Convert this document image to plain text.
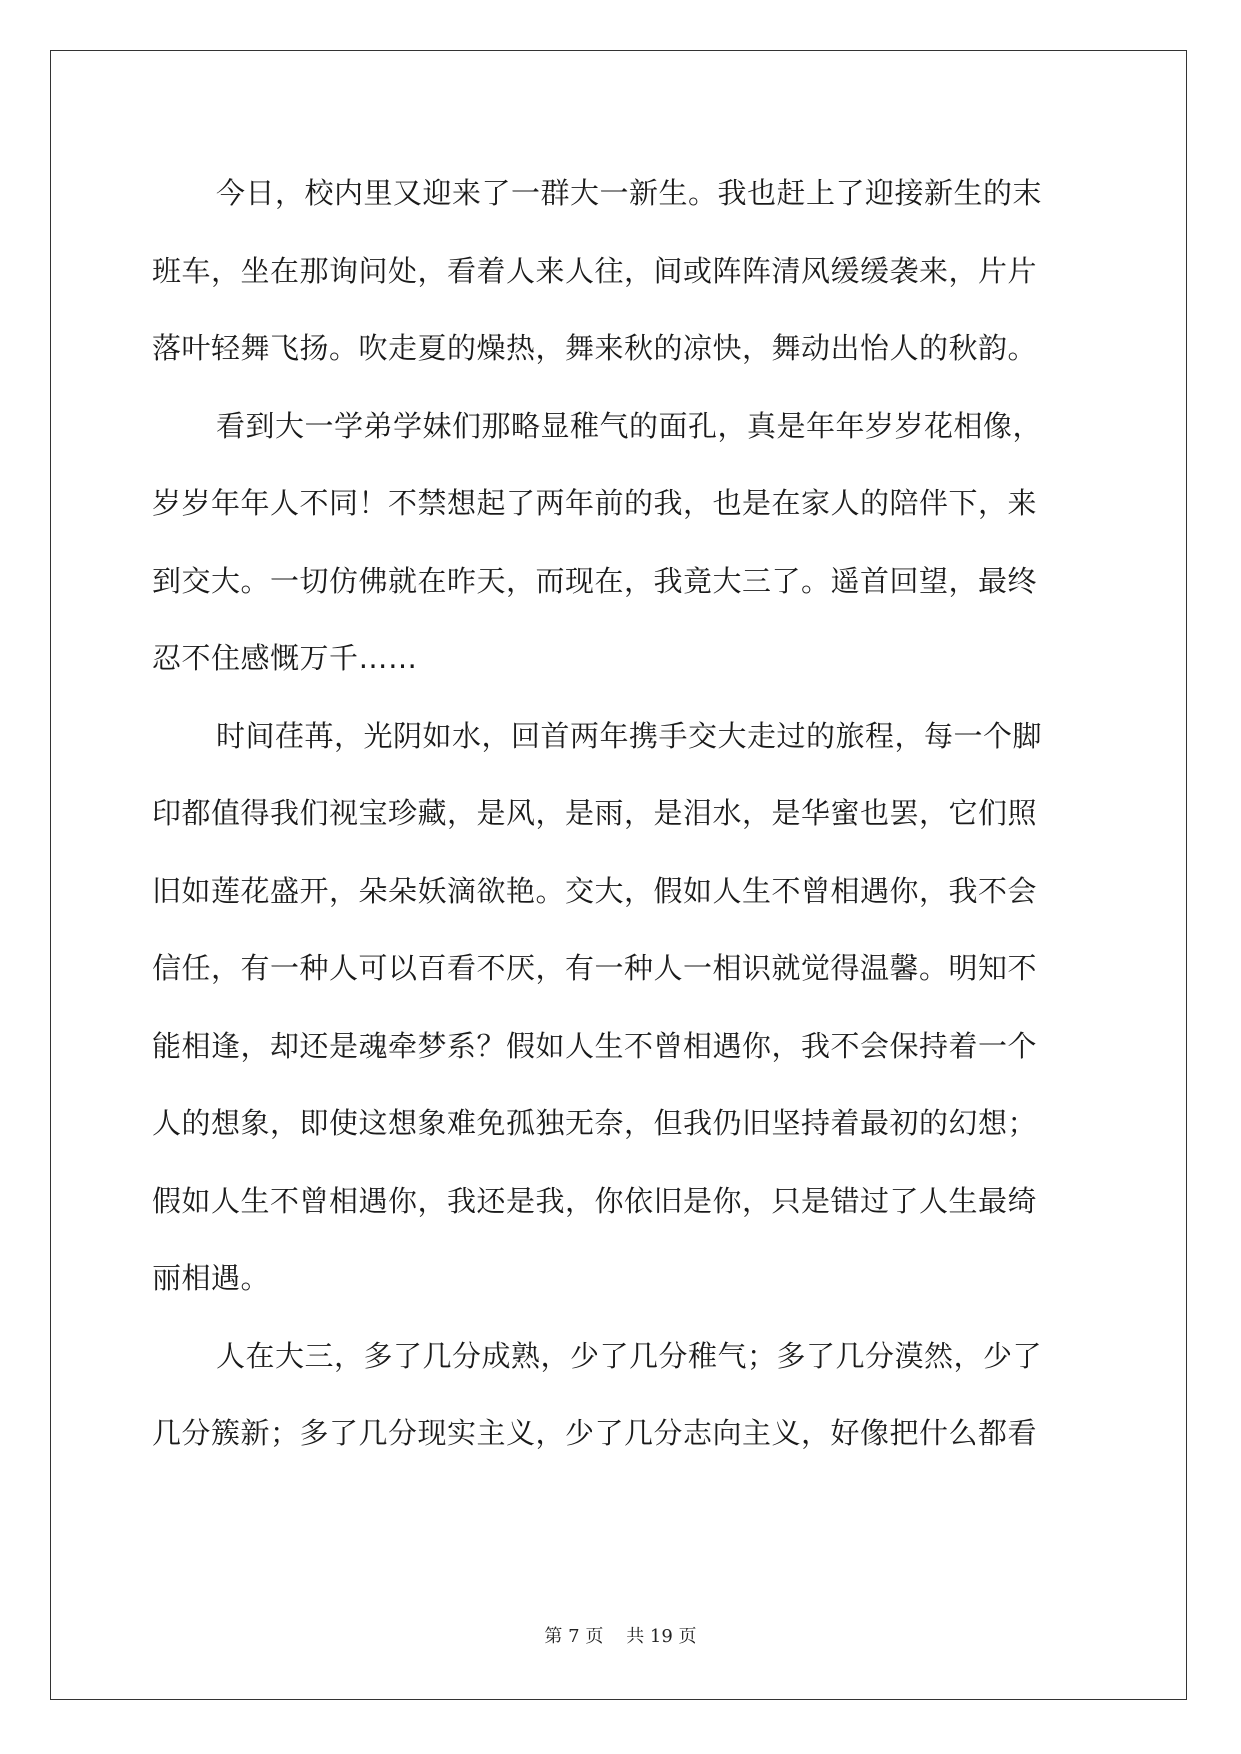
今日，校内里又迎来了一群大一新生。我也赶上了迎接新生的末
班车，坐在那询问处，看着人来人往，间或阵阵清风缓缓袭来，片片
落叶轻舞飞扬。吹走夏的燥热，舞来秋的凉快，舞动出怡人的秋韵。
看到大一学弟学妹们那略显稚气的面孔，真是年年岁岁花相像，
岁岁年年人不同！不禁想起了两年前的我，也是在家人的陪伴下，来
到交大。一切仿佛就在昨天，而现在，我竟大三了。遥首回望，最终
忍不住感慨万千……
时间荏苒，光阴如水，回首两年携手交大走过的旅程，每一个脚
印都值得我们视宝珍藏，是风，是雨，是泪水，是华蜜也罢，它们照
旧如莲花盛开，朵朵妖滴欲艳。交大，假如人生不曾相遇你，我不会
信任，有一种人可以百看不厌，有一种人一相识就觉得温馨。明知不
能相逢，却还是魂牵梦系？假如人生不曾相遇你，我不会保持着一个
人的想象，即使这想象难免孤独无奈，但我仍旧坚持着最初的幻想；
假如人生不曾相遇你，我还是我，你依旧是你，只是错过了人生最绮
丽相遇。
人在大三，多了几分成熟，少了几分稚气；多了几分漠然，少了
几分簇新；多了几分现实主义，少了几分志向主义，好像把什么都看
第 7 页    共 19 页
